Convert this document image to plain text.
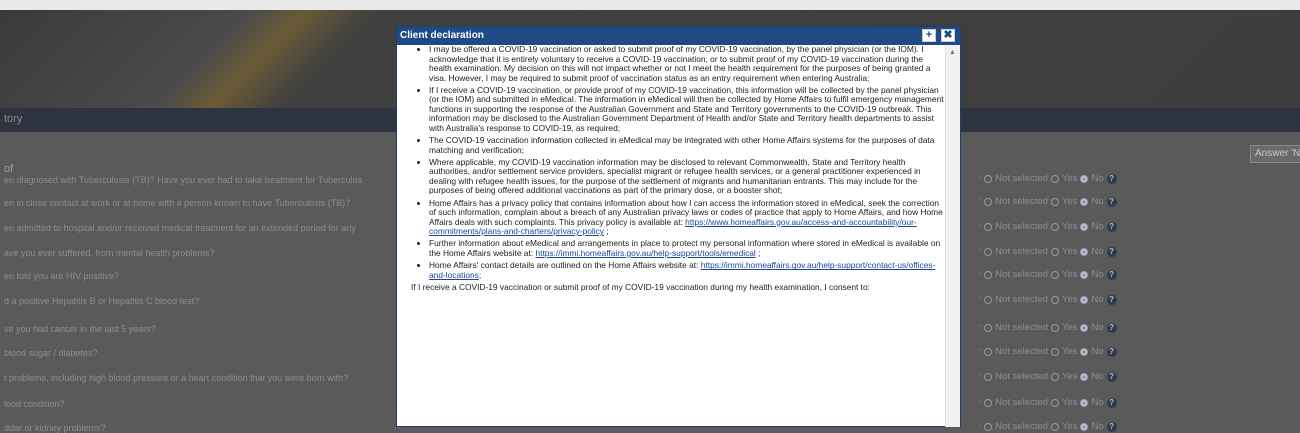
tory
Answer 'N
of
en diagnosed with Tuberculosis (TB)? Have you ever had to take treatment for Tuberculos	* Not selected Yes No ?
en in close contact at work or at home with a person known to have Tuberculosis (TB)?	* Not selected Yes No ?
en admitted to hospital and/or received medical treatment for an extended period for any	* Not selected Yes No ?
ave you ever suffered, from mental health problems?	* Not selected Yes No ?
en told you are HIV positive?	* Not selected Yes No ?
d a positive Hepatitis B or Hepatitis C blood test?	* Not selected Yes No ?
ve you had cancer in the last 5 years?	* Not selected Yes No ?
blood sugar / diabetes?	* Not selected Yes No ?
t problems, including high blood pressure or a heart condition that you were born with?	* Not selected Yes No ?
lood condition?	* Not selected Yes No ?
ddar or kidney problems?	* Not selected Yes No ?
Client declaration	+	✖
• I may be offered a COVID-19 vaccination or asked to submit proof of my COVID-19 vaccination, by the panel physician (or the IOM). I acknowledge that it is entirely voluntary to receive a COVID-19 vaccination, or to submit proof of my COVID-19 vaccination during the health examination. My decision on this will not impact whether or not I meet the health requirement for the purposes of being granted a visa. However, I may be required to submit proof of vaccination status as an entry requirement when entering Australia;
• If I receive a COVID-19 vaccination, or provide proof of my COVID-19 vaccination, this information will be collected by the panel physician (or the IOM) and submitted in eMedical. The information in eMedical will then be collected by Home Affairs to fulfil emergency management functions in supporting the response of the Australian Government and State and Territory governments to the COVID-19 outbreak. This information may be disclosed to the Australian Government Department of Health and/or State and Territory health departments to assist with Australia's response to COVID-19, as required;
• The COVID-19 vaccination information collected in eMedical may be integrated with other Home Affairs systems for the purposes of data matching and verification;
• Where applicable, my COVID-19 vaccination information may be disclosed to relevant Commonwealth, State and Territory health authorities, and/or settlement service providers, specialist migrant or refugee health services, or a general practitioner experienced in dealing with refugee health issues, for the purpose of the settlement of migrants and humanitarian entrants. This may include for the purposes of being offered additional vaccinations as part of the primary dose, or a booster shot;
• Home Affairs has a privacy policy that contains information about how I can access the information stored in eMedical, seek the correction of such information, complain about a breach of any Australian privacy laws or codes of practice that apply to Home Affairs, and how Home Affairs deals with such complaints. This privacy policy is available at: https://www.homeaffairs.gov.au/access-and-accountability/our-commitments/plans-and-charters/privacy-policy ;
• Further information about eMedical and arrangements in place to protect my personal information where stored in eMedical is available on the Home Affairs website at: https://immi.homeaffairs.gov.au/help-support/tools/emedical ;
• Home Affairs' contact details are outlined on the Home Affairs website at: https://immi.homeaffairs.gov.au/help-support/contact-us/offices-and-locations;

If I receive a COVID-19 vaccination or submit proof of my COVID-19 vaccination during my health examination, I consent to:

▲
